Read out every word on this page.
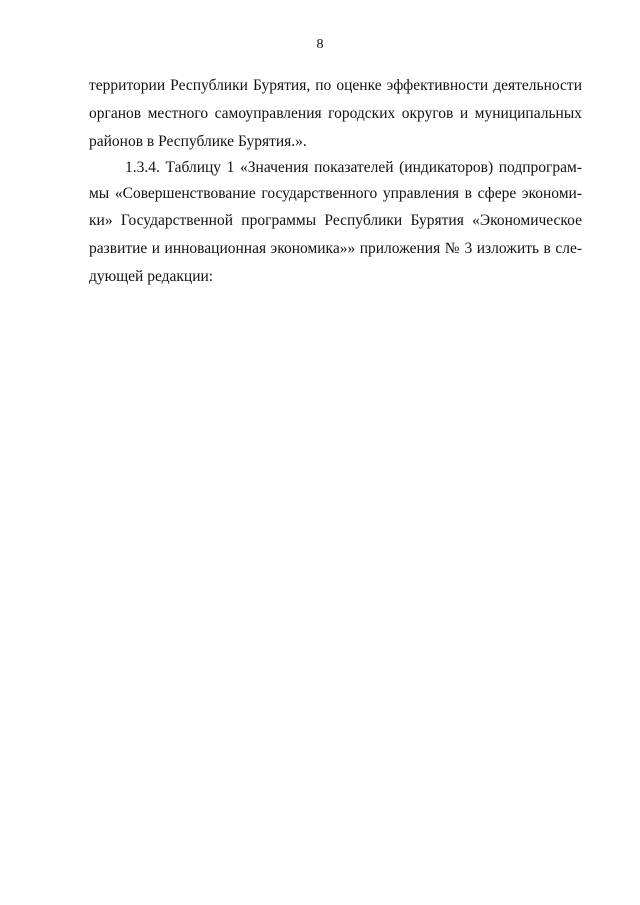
8
территории Республики Бурятия, по оценке эффективности деятельности
органов местного самоуправления городских округов и муниципальных
районов в Республике Бурятия.».
1.3.4. Таблицу 1 «Значения показателей (индикаторов) подпрограм-
мы «Совершенствование государственного управления в сфере экономи-
ки» Государственной программы Республики Бурятия «Экономическое
развитие и инновационная экономика»» приложения № 3 изложить в сле-
дующей редакции:
